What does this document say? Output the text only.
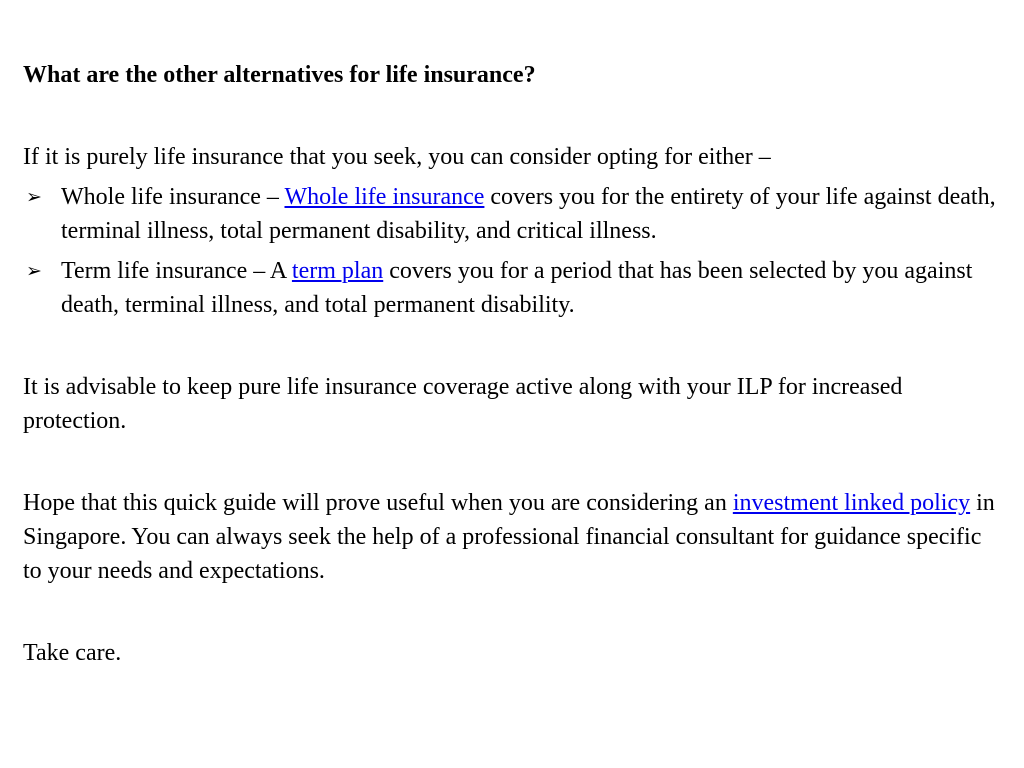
What are the other alternatives for life insurance?

If it is purely life insurance that you seek, you can consider opting for either –

➢ Whole life insurance – Whole life insurance covers you for the entirety of your life against death, terminal illness, total permanent disability, and critical illness.
➢ Term life insurance – A term plan covers you for a period that has been selected by you against death, terminal illness, and total permanent disability.

It is advisable to keep pure life insurance coverage active along with your ILP for increased protection.

Hope that this quick guide will prove useful when you are considering an investment linked policy in Singapore. You can always seek the help of a professional financial consultant for guidance specific to your needs and expectations.

Take care.
